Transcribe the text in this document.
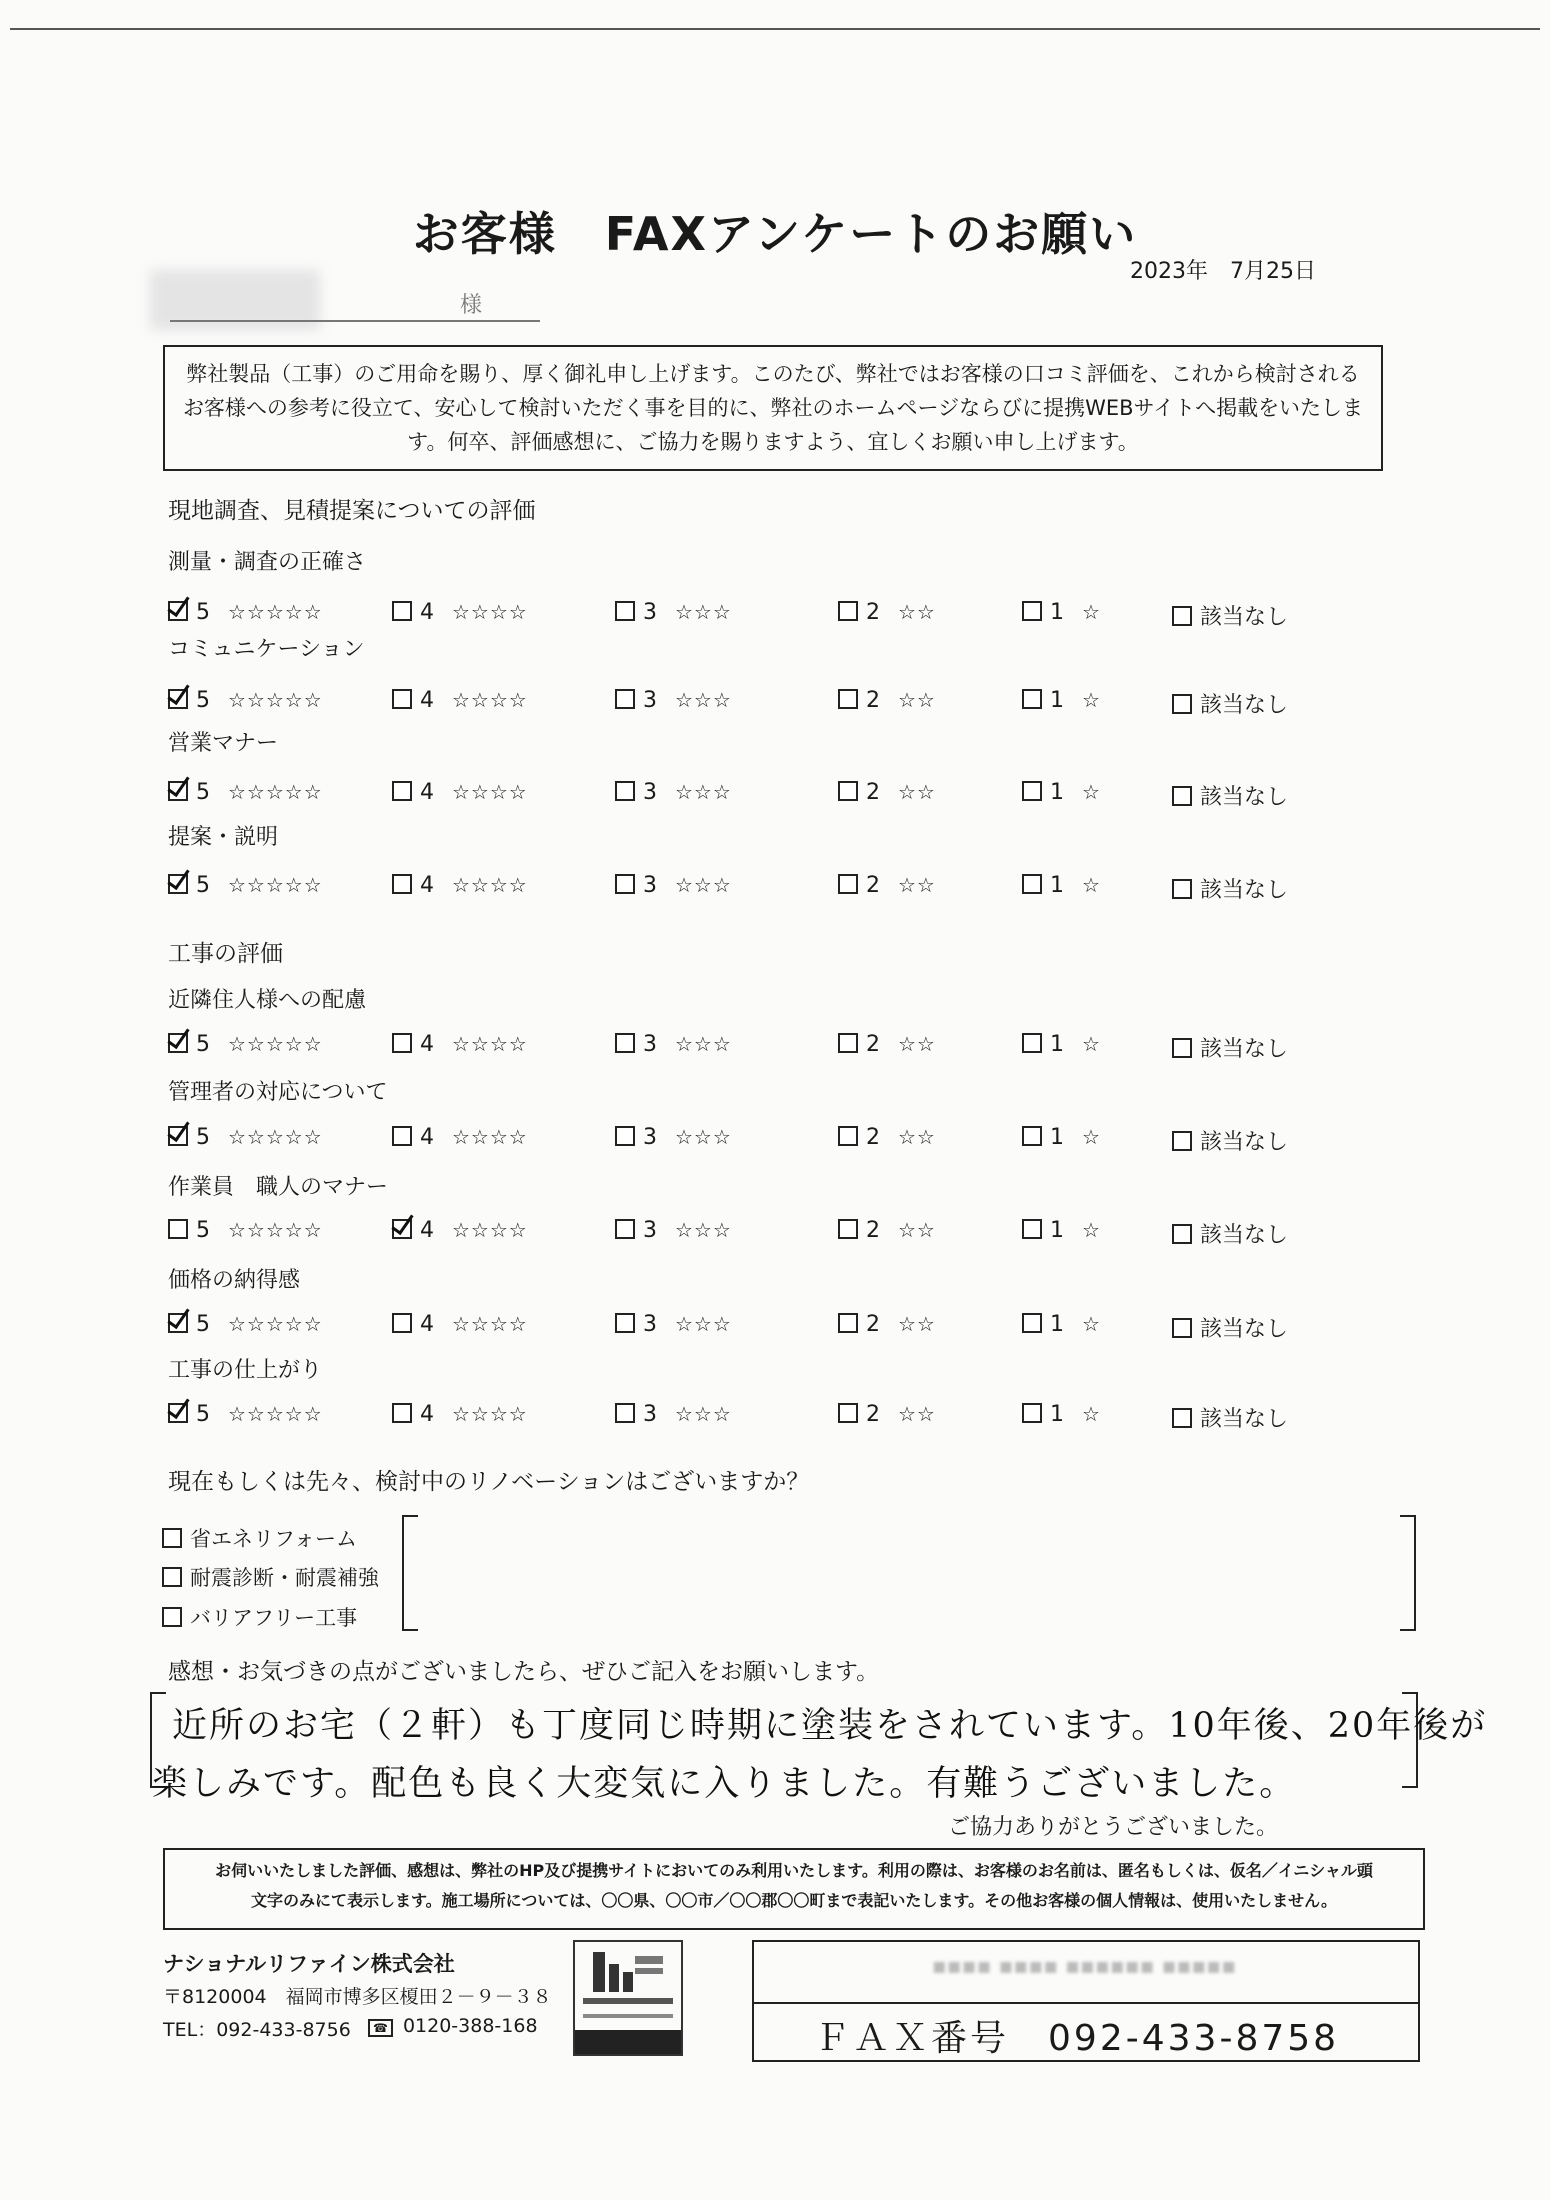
お客様　FAXアンケートのお願い
2023年　7月25日
様
弊社製品（工事）のご用命を賜り、厚く御礼申し上げます。このたび、弊社ではお客様の口コミ評価を、これから検討されるお客様への参考に役立て、安心して検討いただく事を目的に、弊社のホームページならびに提携WEBサイトへ掲載をいたします。何卒、評価感想に、ご協力を賜りますよう、宜しくお願い申し上げます。
現地調査、見積提案についての評価
工事の評価
測量・調査の正確さ
5 ☆☆☆☆☆	4 ☆☆☆☆	3 ☆☆☆	2 ☆☆	1 ☆	該当なし
コミュニケーション
5 ☆☆☆☆☆	4 ☆☆☆☆	3 ☆☆☆	2 ☆☆	1 ☆	該当なし
営業マナー
5 ☆☆☆☆☆	4 ☆☆☆☆	3 ☆☆☆	2 ☆☆	1 ☆	該当なし
提案・説明
5 ☆☆☆☆☆	4 ☆☆☆☆	3 ☆☆☆	2 ☆☆	1 ☆	該当なし
近隣住人様への配慮
5 ☆☆☆☆☆	4 ☆☆☆☆	3 ☆☆☆	2 ☆☆	1 ☆	該当なし
管理者の対応について
5 ☆☆☆☆☆	4 ☆☆☆☆	3 ☆☆☆	2 ☆☆	1 ☆	該当なし
作業員　職人のマナー
5 ☆☆☆☆☆	4 ☆☆☆☆	3 ☆☆☆	2 ☆☆	1 ☆	該当なし
価格の納得感
5 ☆☆☆☆☆	4 ☆☆☆☆	3 ☆☆☆	2 ☆☆	1 ☆	該当なし
工事の仕上がり
5 ☆☆☆☆☆	4 ☆☆☆☆	3 ☆☆☆	2 ☆☆	1 ☆	該当なし
現在もしくは先々、検討中のリノベーションはございますか？
省エネリフォーム
耐震診断・耐震補強
バリアフリー工事
感想・お気づきの点がございましたら、ぜひご記入をお願いします。
近所のお宅（２軒）も丁度同じ時期に塗装をされています。10年後、20年後が
楽しみです。配色も良く大変気に入りました。有難うございました。
ご協力ありがとうございました。
お伺いいたしました評価、感想は、弊社のHP及び提携サイトにおいてのみ利用いたします。利用の際は、お客様のお名前は、匿名もしくは、仮名／イニシャル頭
文字のみにて表示します。施工場所については、〇〇県、〇〇市／〇〇郡〇〇町まで表記いたします。その他お客様の個人情報は、使用いたしません。
ナショナルリファイン株式会社
〒8120004　福岡市博多区榎田２－９－３８
TEL：092-433-8756	☎ 0120-388-168
▪▪▪▪ ▪▪▪▪ ▪▪▪▪▪▪ ▪▪▪▪▪
ＦＡＸ番号　 092-433-8758
